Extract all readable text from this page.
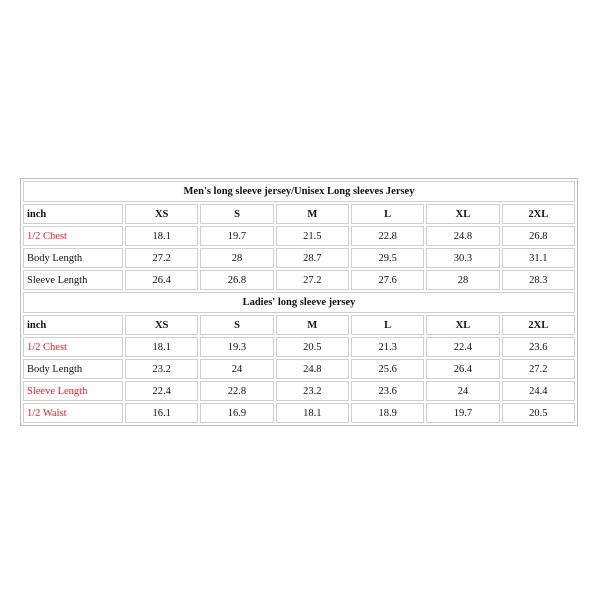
Men's long sleeve jersey/Unisex Long sleeves Jersey						
inch	XS	S	M	L	XL	2XL
1/2 Chest	18.1	19.7	21.5	22.8	24.8	26.8
Body Length	27.2	28	28.7	29.5	30.3	31.1
Sleeve Length	26.4	26.8	27.2	27.6	28	28.3
Ladies' long sleeve jersey						
inch	XS	S	M	L	XL	2XL
1/2 Chest	18.1	19.3	20.5	21.3	22.4	23.6
Body Length	23.2	24	24.8	25.6	26.4	27.2
Sleeve Length	22.4	22.8	23.2	23.6	24	24.4
1/2 Waist	16.1	16.9	18.1	18.9	19.7	20.5
